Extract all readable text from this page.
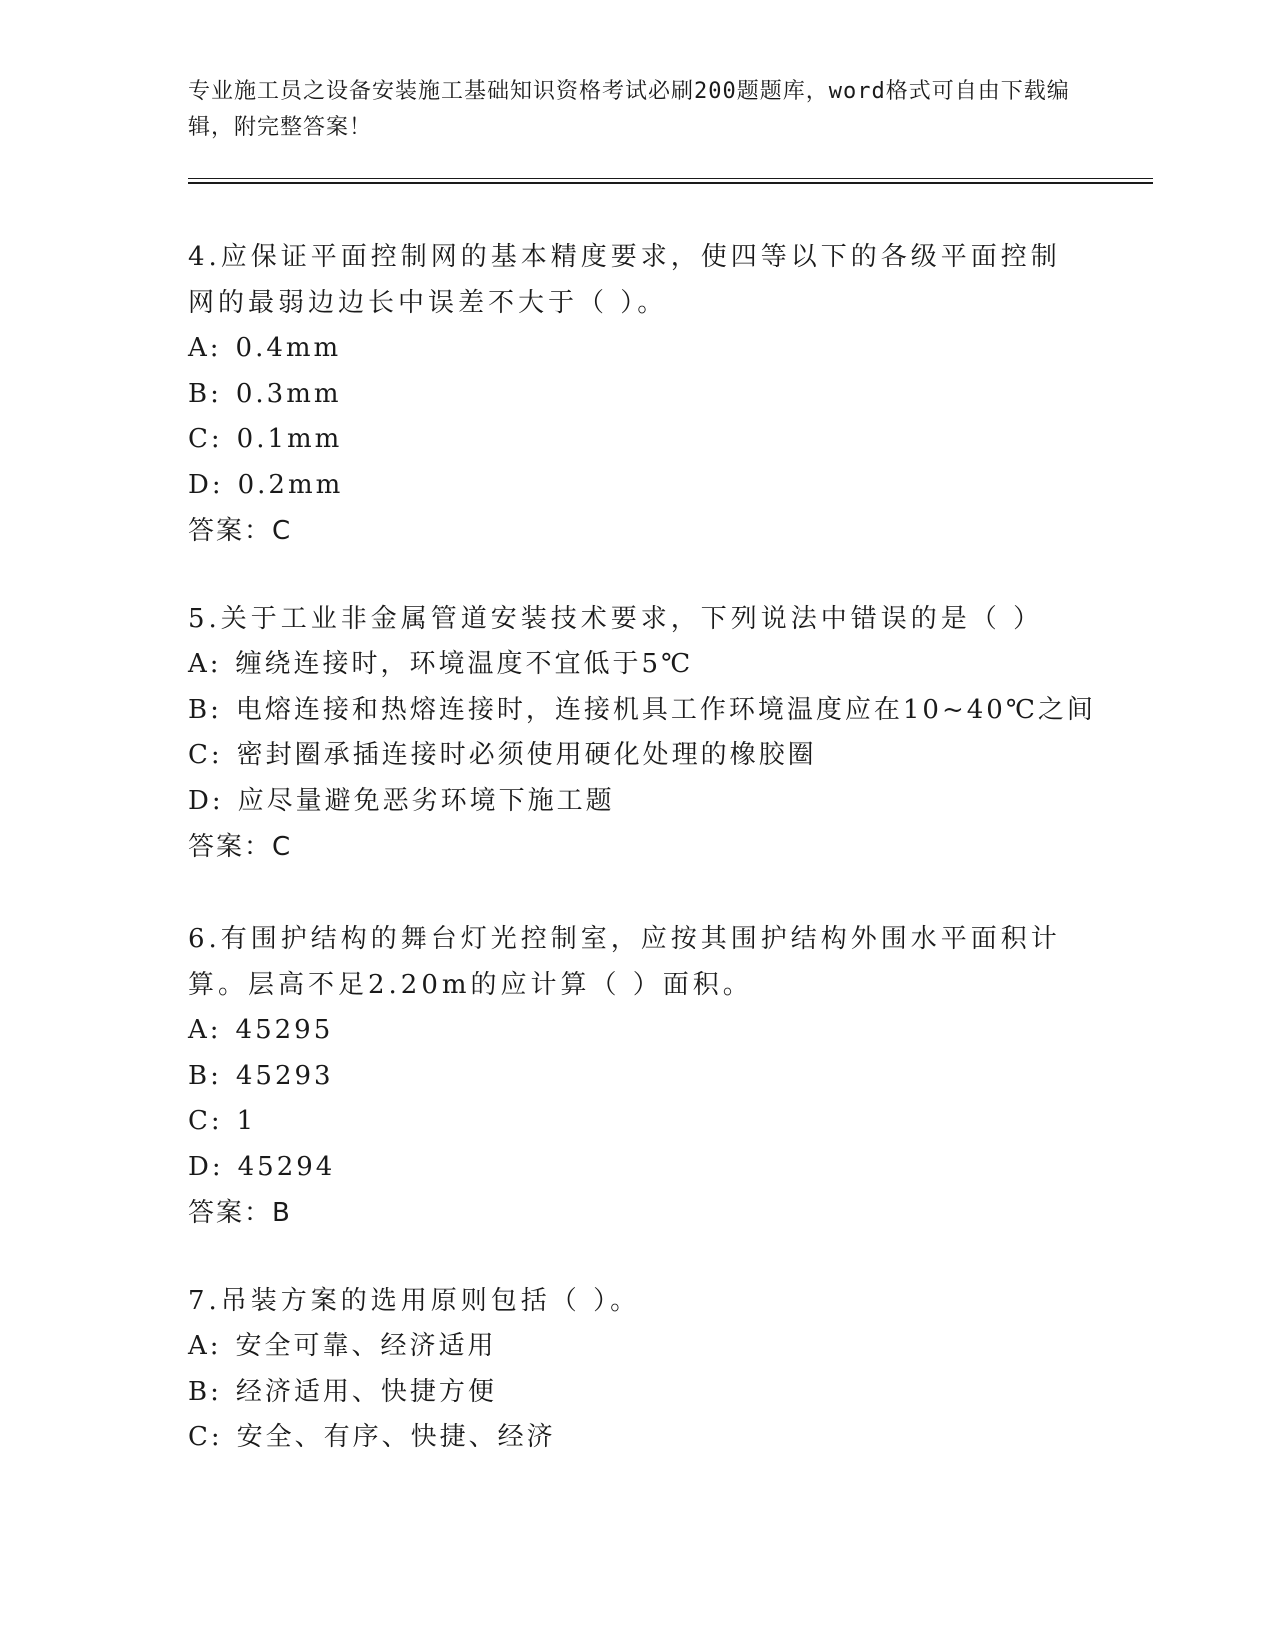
专业施工员之设备安装施工基础知识资格考试必刷200题题库，word格式可自由下载编辑，附完整答案！

4.应保证平面控制网的基本精度要求，使四等以下的各级平面控制网的最弱边边长中误差不大于（ ）。

A: 0.4mm

B: 0.3mm

C: 0.1mm

D: 0.2mm

答案：C

5.关于工业非金属管道安装技术要求，下列说法中错误的是（ ）

A: 缠绕连接时，环境温度不宜低于5℃

B: 电熔连接和热熔连接时，连接机具工作环境温度应在10~40℃之间

C: 密封圈承插连接时必须使用硬化处理的橡胶圈

D: 应尽量避免恶劣环境下施工题

答案：C

6.有围护结构的舞台灯光控制室，应按其围护结构外围水平面积计算。层高不足2.20m的应计算（ ）面积。

A: 45295

B: 45293

C: 1

D: 45294

答案：B

7.吊装方案的选用原则包括（ ）。

A: 安全可靠、经济适用

B: 经济适用、快捷方便

C: 安全、有序、快捷、经济
